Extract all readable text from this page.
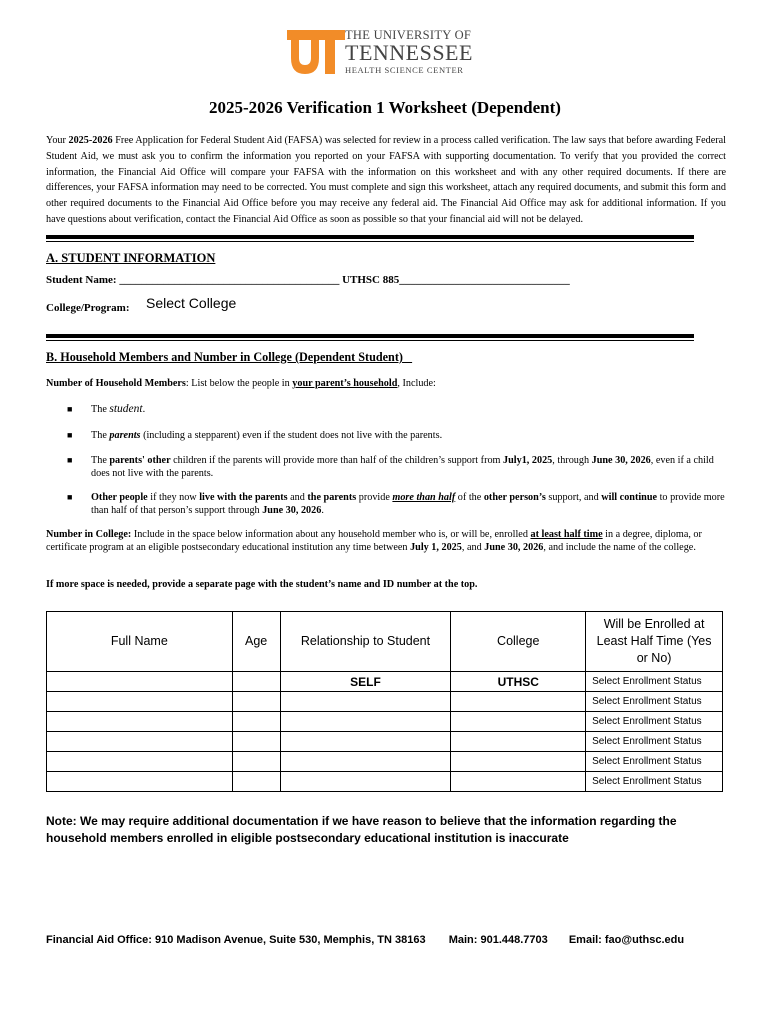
THE UNIVERSITY OF
TENNESSEE
HEALTH SCIENCE CENTER
2025-2026 Verification 1 Worksheet (Dependent)
Your 2025-2026 Free Application for Federal Student Aid (FAFSA) was selected for review in a process called verification. The law says that before awarding Federal Student Aid, we must ask you to confirm the information you reported on your FAFSA with supporting documentation. To verify that you provided the correct information, the Financial Aid Office will compare your FAFSA with the information on this worksheet and with any other required documents. If there are differences, your FAFSA information may need to be corrected. You must complete and sign this worksheet, attach any required documents, and submit this form and other required documents to the Financial Aid Office before you may receive any federal aid. The Financial Aid Office may ask for additional information. If you have questions about verification, contact the Financial Aid Office as soon as possible so that your financial aid will not be delayed.
A. STUDENT INFORMATION
Student Name: ________________________________________ UTHSC 885_______________________________
College/Program: Select College
B. Household Members and Number in College (Dependent Student)
Number of Household Members: List below the people in your parent’s household, Include:
■ The student.
■ The parents (including a stepparent) even if the student does not live with the parents.
■ The parents' other children if the parents will provide more than half of the children’s support from July1, 2025, through June 30, 2026, even if a child does not live with the parents.
■ Other people if they now live with the parents and the parents provide more than half of the other person’s support, and will continue to provide more than half of that person’s support through June 30, 2026.
Number in College: Include in the space below information about any household member who is, or will be, enrolled at least half time in a degree, diploma, or certificate program at an eligible postsecondary educational institution any time between July 1, 2025, and June 30, 2026, and include the name of the college.
If more space is needed, provide a separate page with the student’s name and ID number at the top.
Full Name	Age	Relationship to Student	College	Will be Enrolled at Least Half Time (Yes or No)
		SELF	UTHSC	Select Enrollment Status
				Select Enrollment Status
				Select Enrollment Status
				Select Enrollment Status
				Select Enrollment Status
				Select Enrollment Status
Note: We may require additional documentation if we have reason to believe that the information regarding the household members enrolled in eligible postsecondary educational institution is inaccurate
Financial Aid Office: 910 Madison Avenue, Suite 530, Memphis, TN 38163 Main: 901.448.7703 Email: fao@uthsc.edu
